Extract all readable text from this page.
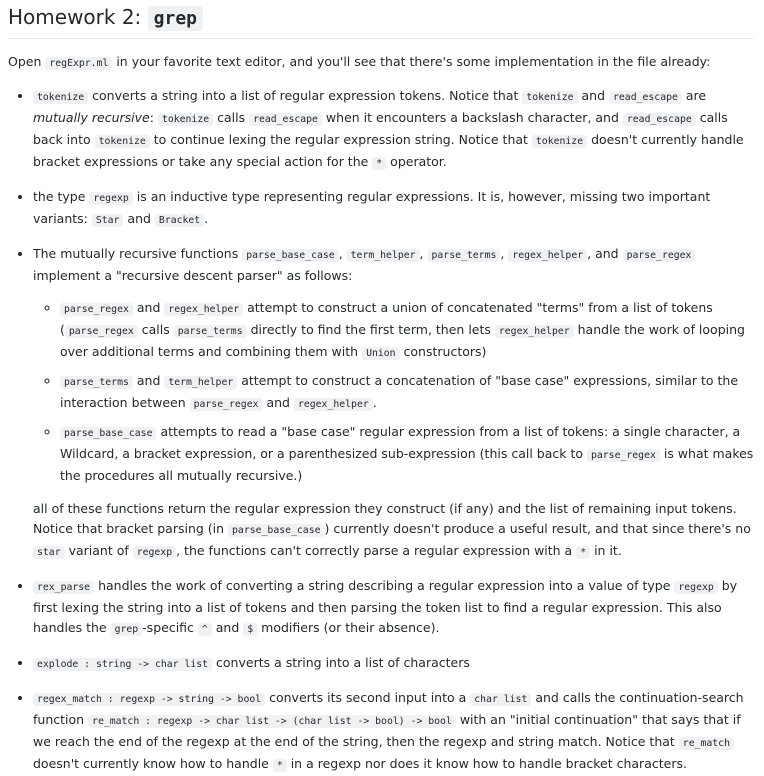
Homework 2: grep

Open regExpr.ml in your favorite text editor, and you'll see that there's some implementation in the file already:

• tokenize converts a string into a list of regular expression tokens. Notice that tokenize and read_escape are mutually recursive: tokenize calls read_escape when it encounters a backslash character, and read_escape calls back into tokenize to continue lexing the regular expression string. Notice that tokenize doesn't currently handle bracket expressions or take any special action for the * operator.
• the type regexp is an inductive type representing regular expressions. It is, however, missing two important variants: Star and Bracket .
• The mutually recursive functions parse_base_case , term_helper , parse_terms , regex_helper , and parse_regex implement a "recursive descent parser" as follows:
◦ parse_regex and regex_helper attempt to construct a union of concatenated "terms" from a list of tokens ( parse_regex calls parse_terms directly to find the first term, then lets regex_helper handle the work of looping over additional terms and combining them with Union constructors)
◦ parse_terms and term_helper attempt to construct a concatenation of "base case" expressions, similar to the interaction between parse_regex and regex_helper .
◦ parse_base_case attempts to read a "base case" regular expression from a list of tokens: a single character, a Wildcard, a bracket expression, or a parenthesized sub-expression (this call back to parse_regex is what makes the procedures all mutually recursive.)

all of these functions return the regular expression they construct (if any) and the list of remaining input tokens. Notice that bracket parsing (in parse_base_case ) currently doesn't produce a useful result, and that since there's no star variant of regexp , the functions can't correctly parse a regular expression with a * in it.

• rex_parse handles the work of converting a string describing a regular expression into a value of type regexp by first lexing the string into a list of tokens and then parsing the token list to find a regular expression. This also handles the grep -specific ^ and $ modifiers (or their absence).
• explode : string -> char list converts a string into a list of characters
• regex_match : regexp -> string -> bool converts its second input into a char list and calls the continuation-search function re_match : regexp -> char list -> (char list -> bool) -> bool with an "initial continuation" that says that if we reach the end of the regexp at the end of the string, then the regexp and string match. Notice that re_match doesn't currently know how to handle * in a regexp nor does it know how to handle bracket characters.
